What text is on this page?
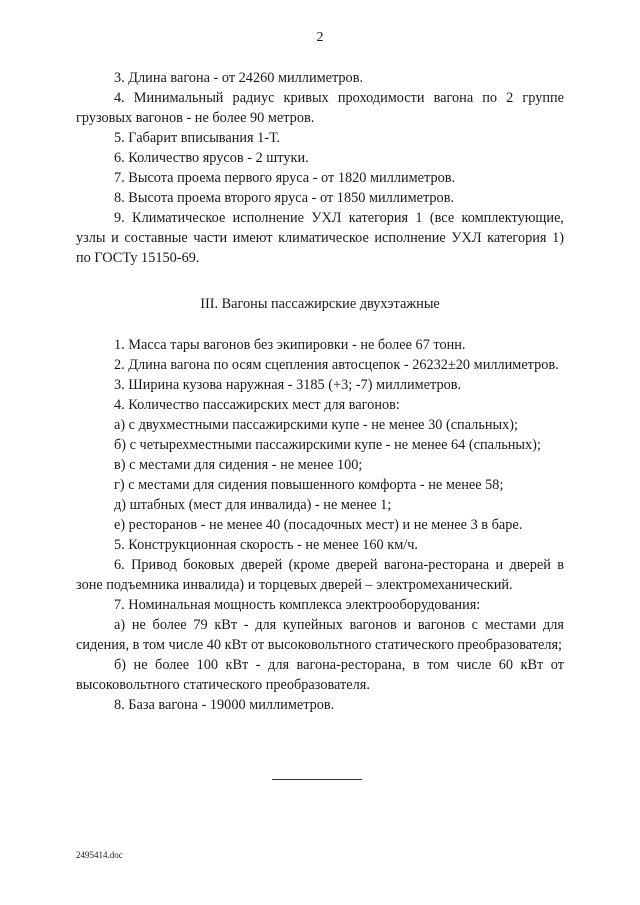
2

3. Длина вагона - от 24260 миллиметров.

4. Минимальный радиус кривых проходимости вагона по 2 группе грузовых вагонов - не более 90 метров.

5. Габарит вписывания 1-Т.

6. Количество ярусов - 2 штуки.

7. Высота проема первого яруса - от 1820 миллиметров.

8. Высота проема второго яруса - от 1850 миллиметров.

9. Климатическое исполнение УХЛ категория 1 (все комплектующие, узлы и составные части имеют климатическое исполнение УХЛ категория 1) по ГОСТу 15150-69.

III. Вагоны пассажирские двухэтажные

1. Масса тары вагонов без экипировки - не более 67 тонн.

2. Длина вагона по осям сцепления автосцепок - 26232±20 миллиметров.

3. Ширина кузова наружная - 3185 (+3; -7) миллиметров.

4. Количество пассажирских мест для вагонов:

а) с двухместными пассажирскими купе - не менее 30 (спальных);

б) с четырехместными пассажирскими купе - не менее 64 (спальных);

в) с местами для сидения - не менее 100;

г) с местами для сидения повышенного комфорта - не менее 58;

д) штабных (мест для инвалида) - не менее 1;

е) ресторанов - не менее 40 (посадочных мест) и не менее 3 в баре.

5. Конструкционная скорость - не менее 160 км/ч.

6. Привод боковых дверей (кроме дверей вагона-ресторана и дверей в зоне подъемника инвалида) и торцевых дверей – электромеханический.

7. Номинальная мощность комплекса электрооборудования:

а) не более 79 кВт - для купейных вагонов и вагонов с местами для сидения, в том числе 40 кВт от высоковольтного статического преобразователя;

б) не более 100 кВт - для вагона-ресторана, в том числе 60 кВт от высоковольтного статического преобразователя.

8. База вагона - 19000 миллиметров.

2495414.doc
